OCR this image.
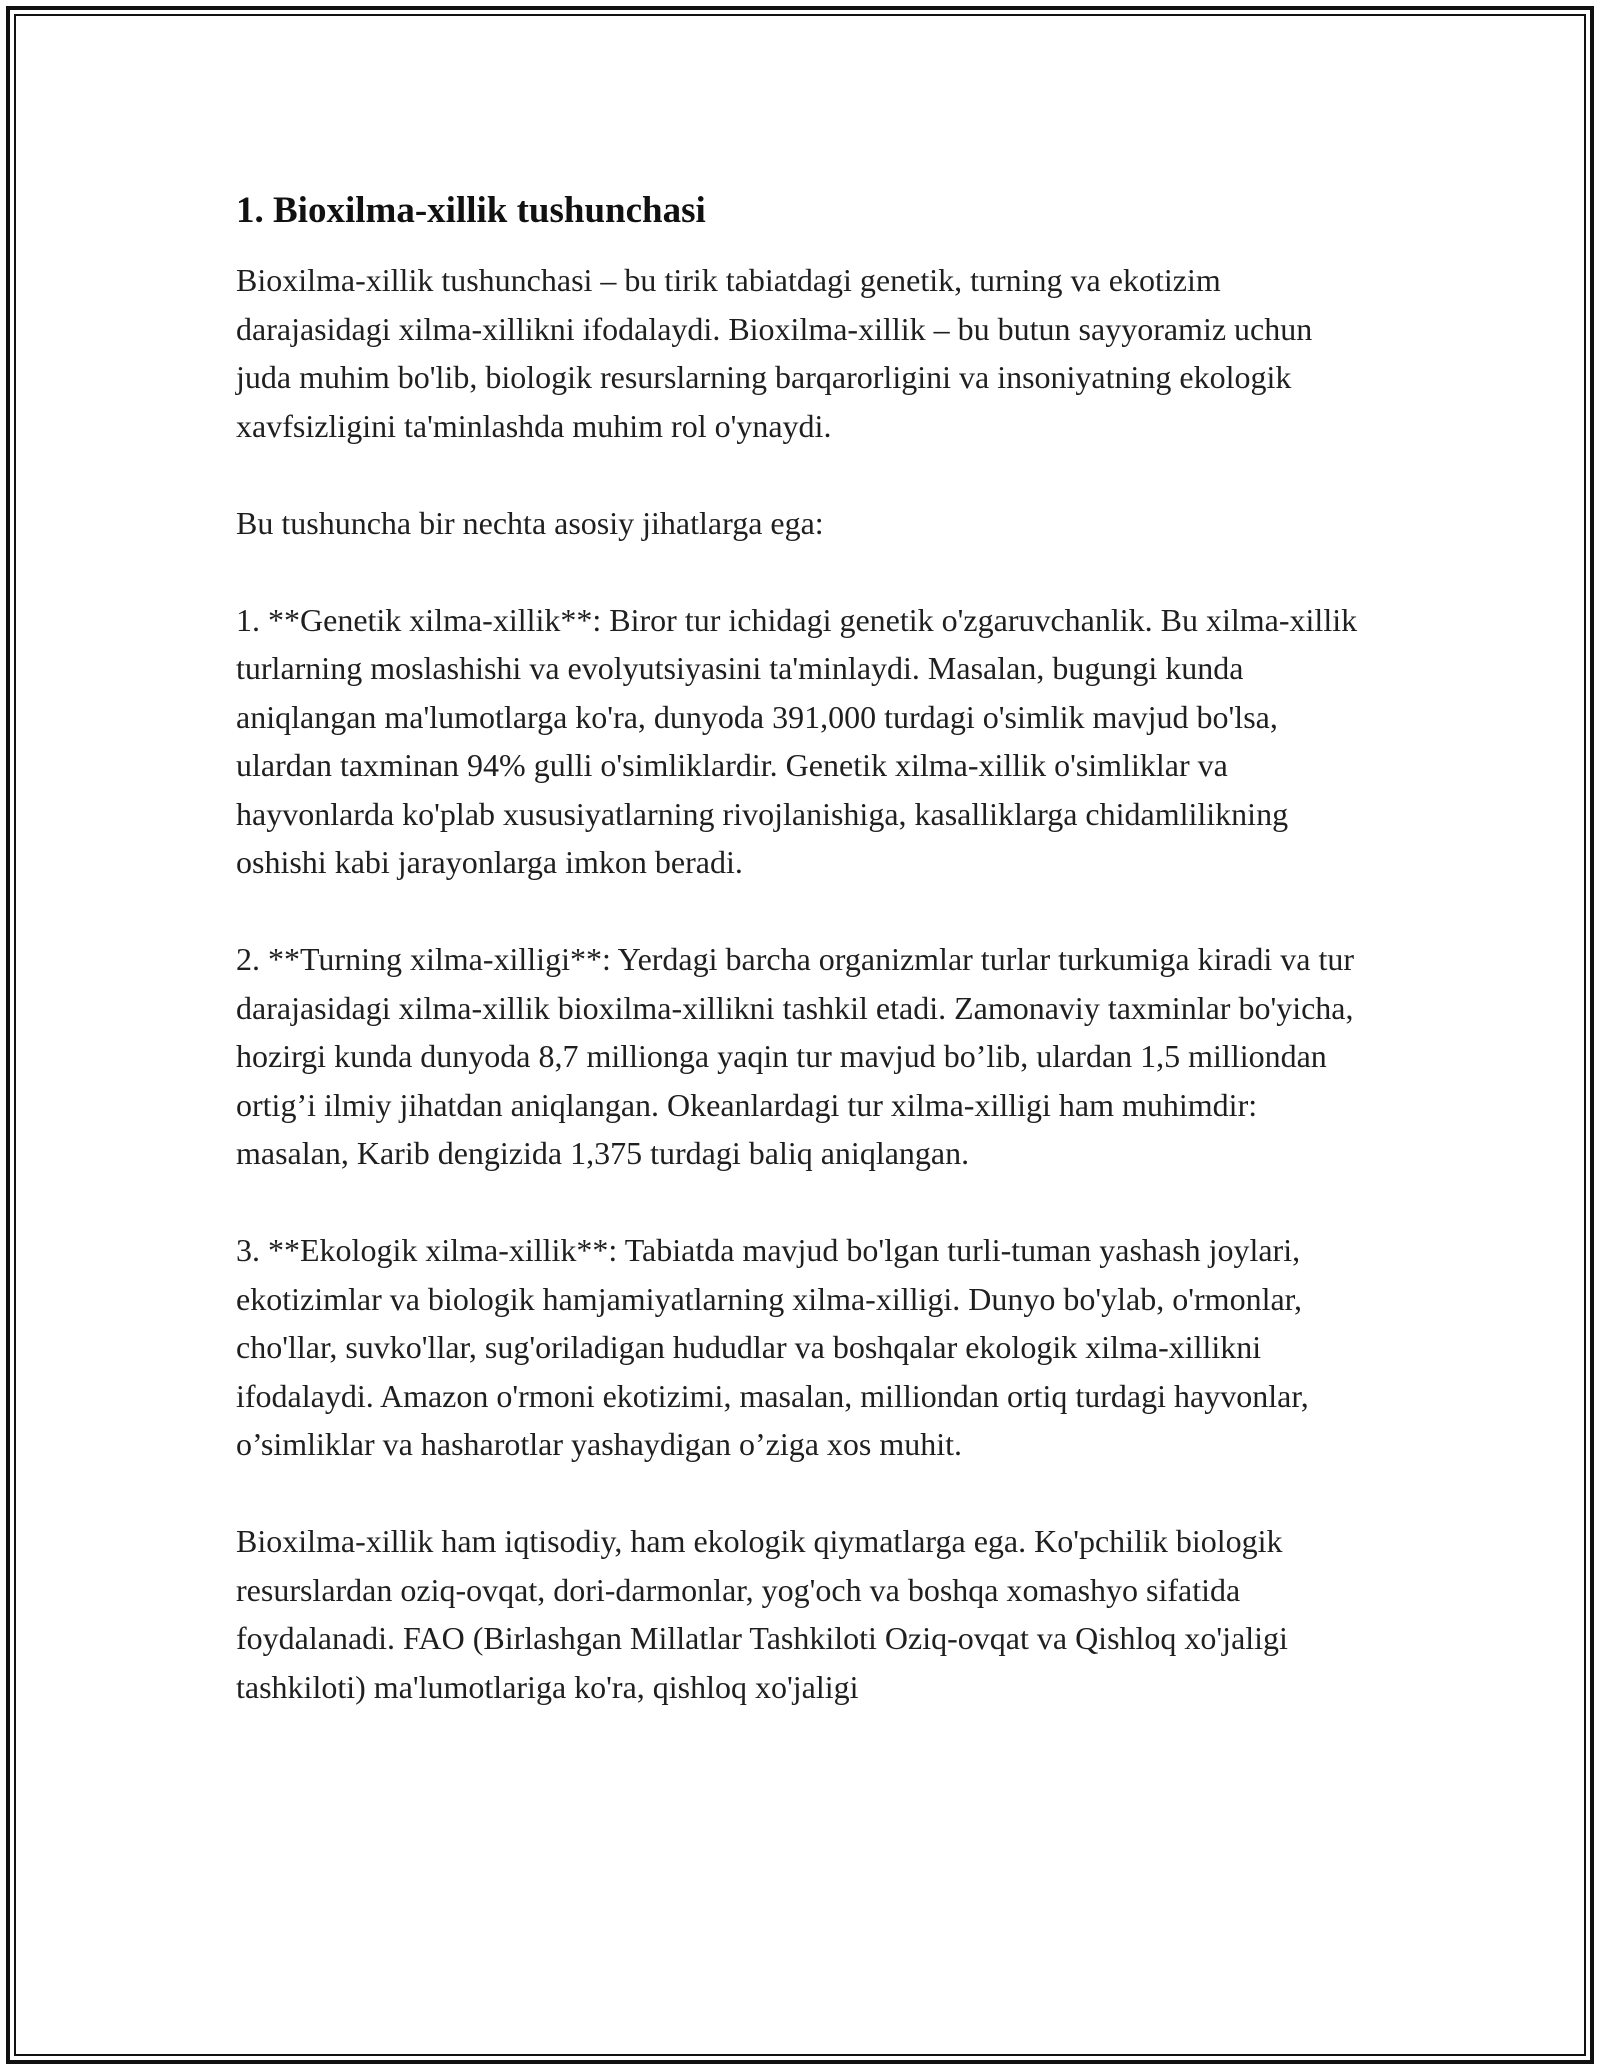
1. Bioxilma-xillik tushunchasi

Bioxilma-xillik tushunchasi – bu tirik tabiatdagi genetik, turning va ekotizim darajasidagi xilma-xillikni ifodalaydi. Bioxilma-xillik – bu butun sayyoramiz uchun juda muhim bo'lib, biologik resurslarning barqarorligini va insoniyatning ekologik xavfsizligini ta'minlashda muhim rol o'ynaydi.

Bu tushuncha bir nechta asosiy jihatlarga ega:

1. **Genetik xilma-xillik**: Biror tur ichidagi genetik o'zgaruvchanlik. Bu xilma-xillik turlarning moslashishi va evolyutsiyasini ta'minlaydi. Masalan, bugungi kunda aniqlangan ma'lumotlarga ko'ra, dunyoda 391,000 turdagi o'simlik mavjud bo'lsa, ulardan taxminan 94% gulli o'simliklardir. Genetik xilma-xillik o'simliklar va hayvonlarda ko'plab xususiyatlarning rivojlanishiga, kasalliklarga chidamlilikning oshishi kabi jarayonlarga imkon beradi.

2. **Turning xilma-xilligi**: Yerdagi barcha organizmlar turlar turkumiga kiradi va tur darajasidagi xilma-xillik bioxilma-xillikni tashkil etadi. Zamonaviy taxminlar bo'yicha, hozirgi kunda dunyoda 8,7 millionga yaqin tur mavjud bo’lib, ulardan 1,5 milliondan ortig’i ilmiy jihatdan aniqlangan. Okeanlardagi tur xilma-xilligi ham muhimdir: masalan, Karib dengizida 1,375 turdagi baliq aniqlangan.

3. **Ekologik xilma-xillik**: Tabiatda mavjud bo'lgan turli-tuman yashash joylari, ekotizimlar va biologik hamjamiyatlarning xilma-xilligi. Dunyo bo'ylab, o'rmonlar, cho'llar, suvko'llar, sug'oriladigan hududlar va boshqalar ekologik xilma-xillikni ifodalaydi. Amazon o'rmoni ekotizimi, masalan, milliondan ortiq turdagi hayvonlar, o’simliklar va hasharotlar yashaydigan o’ziga xos muhit.

Bioxilma-xillik ham iqtisodiy, ham ekologik qiymatlarga ega. Ko'pchilik biologik resurslardan oziq-ovqat, dori-darmonlar, yog'och va boshqa xomashyo sifatida foydalanadi. FAO (Birlashgan Millatlar Tashkiloti Oziq-ovqat va Qishloq xo'jaligi tashkiloti) ma'lumotlariga ko'ra, qishloq xo'jaligi
